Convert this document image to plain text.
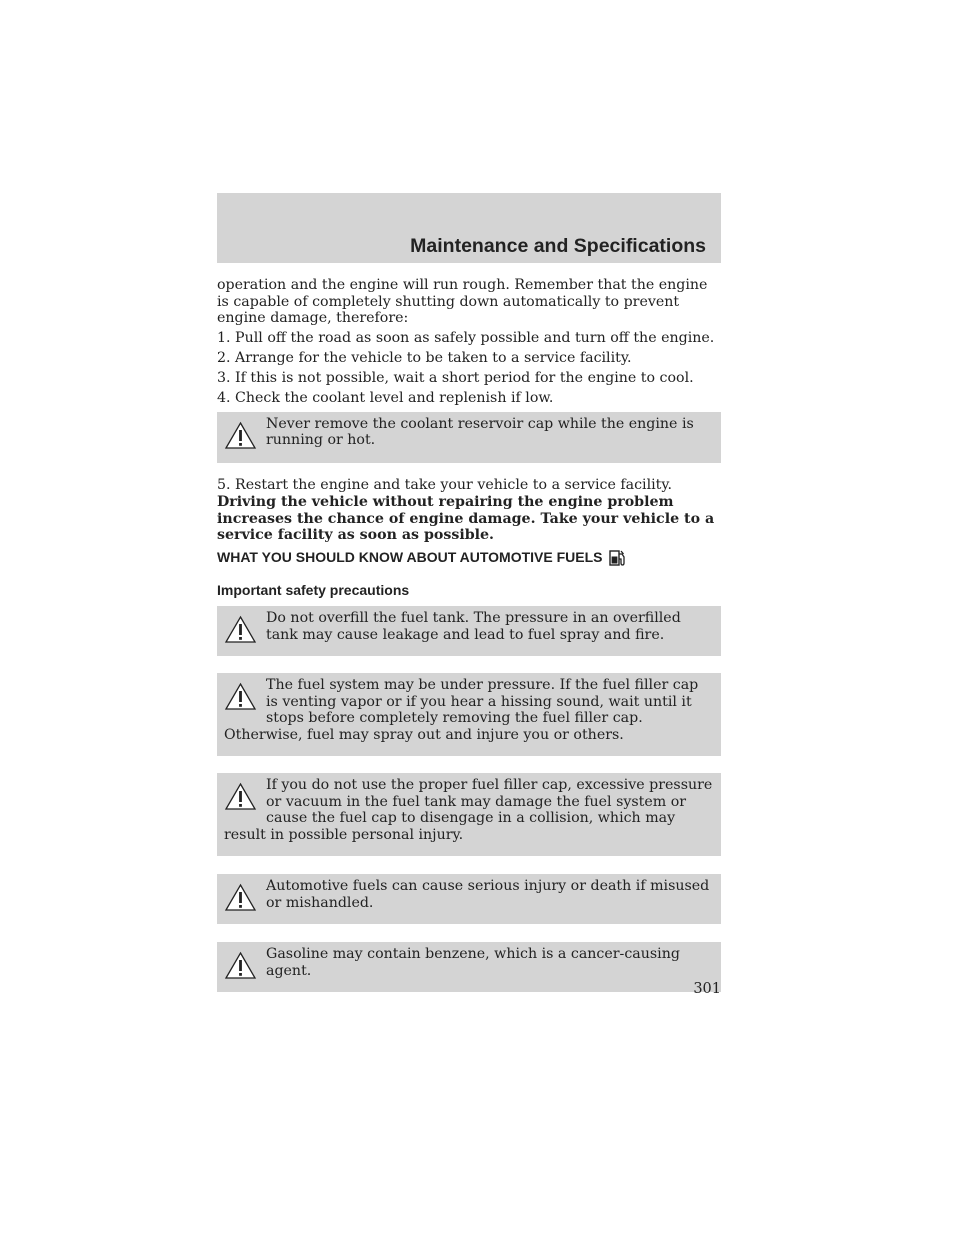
Maintenance and Specifications

operation and the engine will run rough. Remember that the engine is capable of completely shutting down automatically to prevent engine damage, therefore:

1. Pull off the road as soon as safely possible and turn off the engine.
2. Arrange for the vehicle to be taken to a service facility.
3. If this is not possible, wait a short period for the engine to cool.
4. Check the coolant level and replenish if low.

Never remove the coolant reservoir cap while the engine is running or hot.

5. Restart the engine and take your vehicle to a service facility.

Driving the vehicle without repairing the engine problem increases the chance of engine damage. Take your vehicle to a service facility as soon as possible.

WHAT YOU SHOULD KNOW ABOUT AUTOMOTIVE FUELS
Important safety precautions

Do not overfill the fuel tank. The pressure in an overfilled tank may cause leakage and lead to fuel spray and fire.

The fuel system may be under pressure. If the fuel filler cap is venting vapor or if you hear a hissing sound, wait until it stops before completely removing the fuel filler cap. Otherwise, fuel may spray out and injure you or others.

If you do not use the proper fuel filler cap, excessive pressure or vacuum in the fuel tank may damage the fuel system or cause the fuel cap to disengage in a collision, which may result in possible personal injury.

Automotive fuels can cause serious injury or death if misused or mishandled.

Gasoline may contain benzene, which is a cancer-causing agent.

301
